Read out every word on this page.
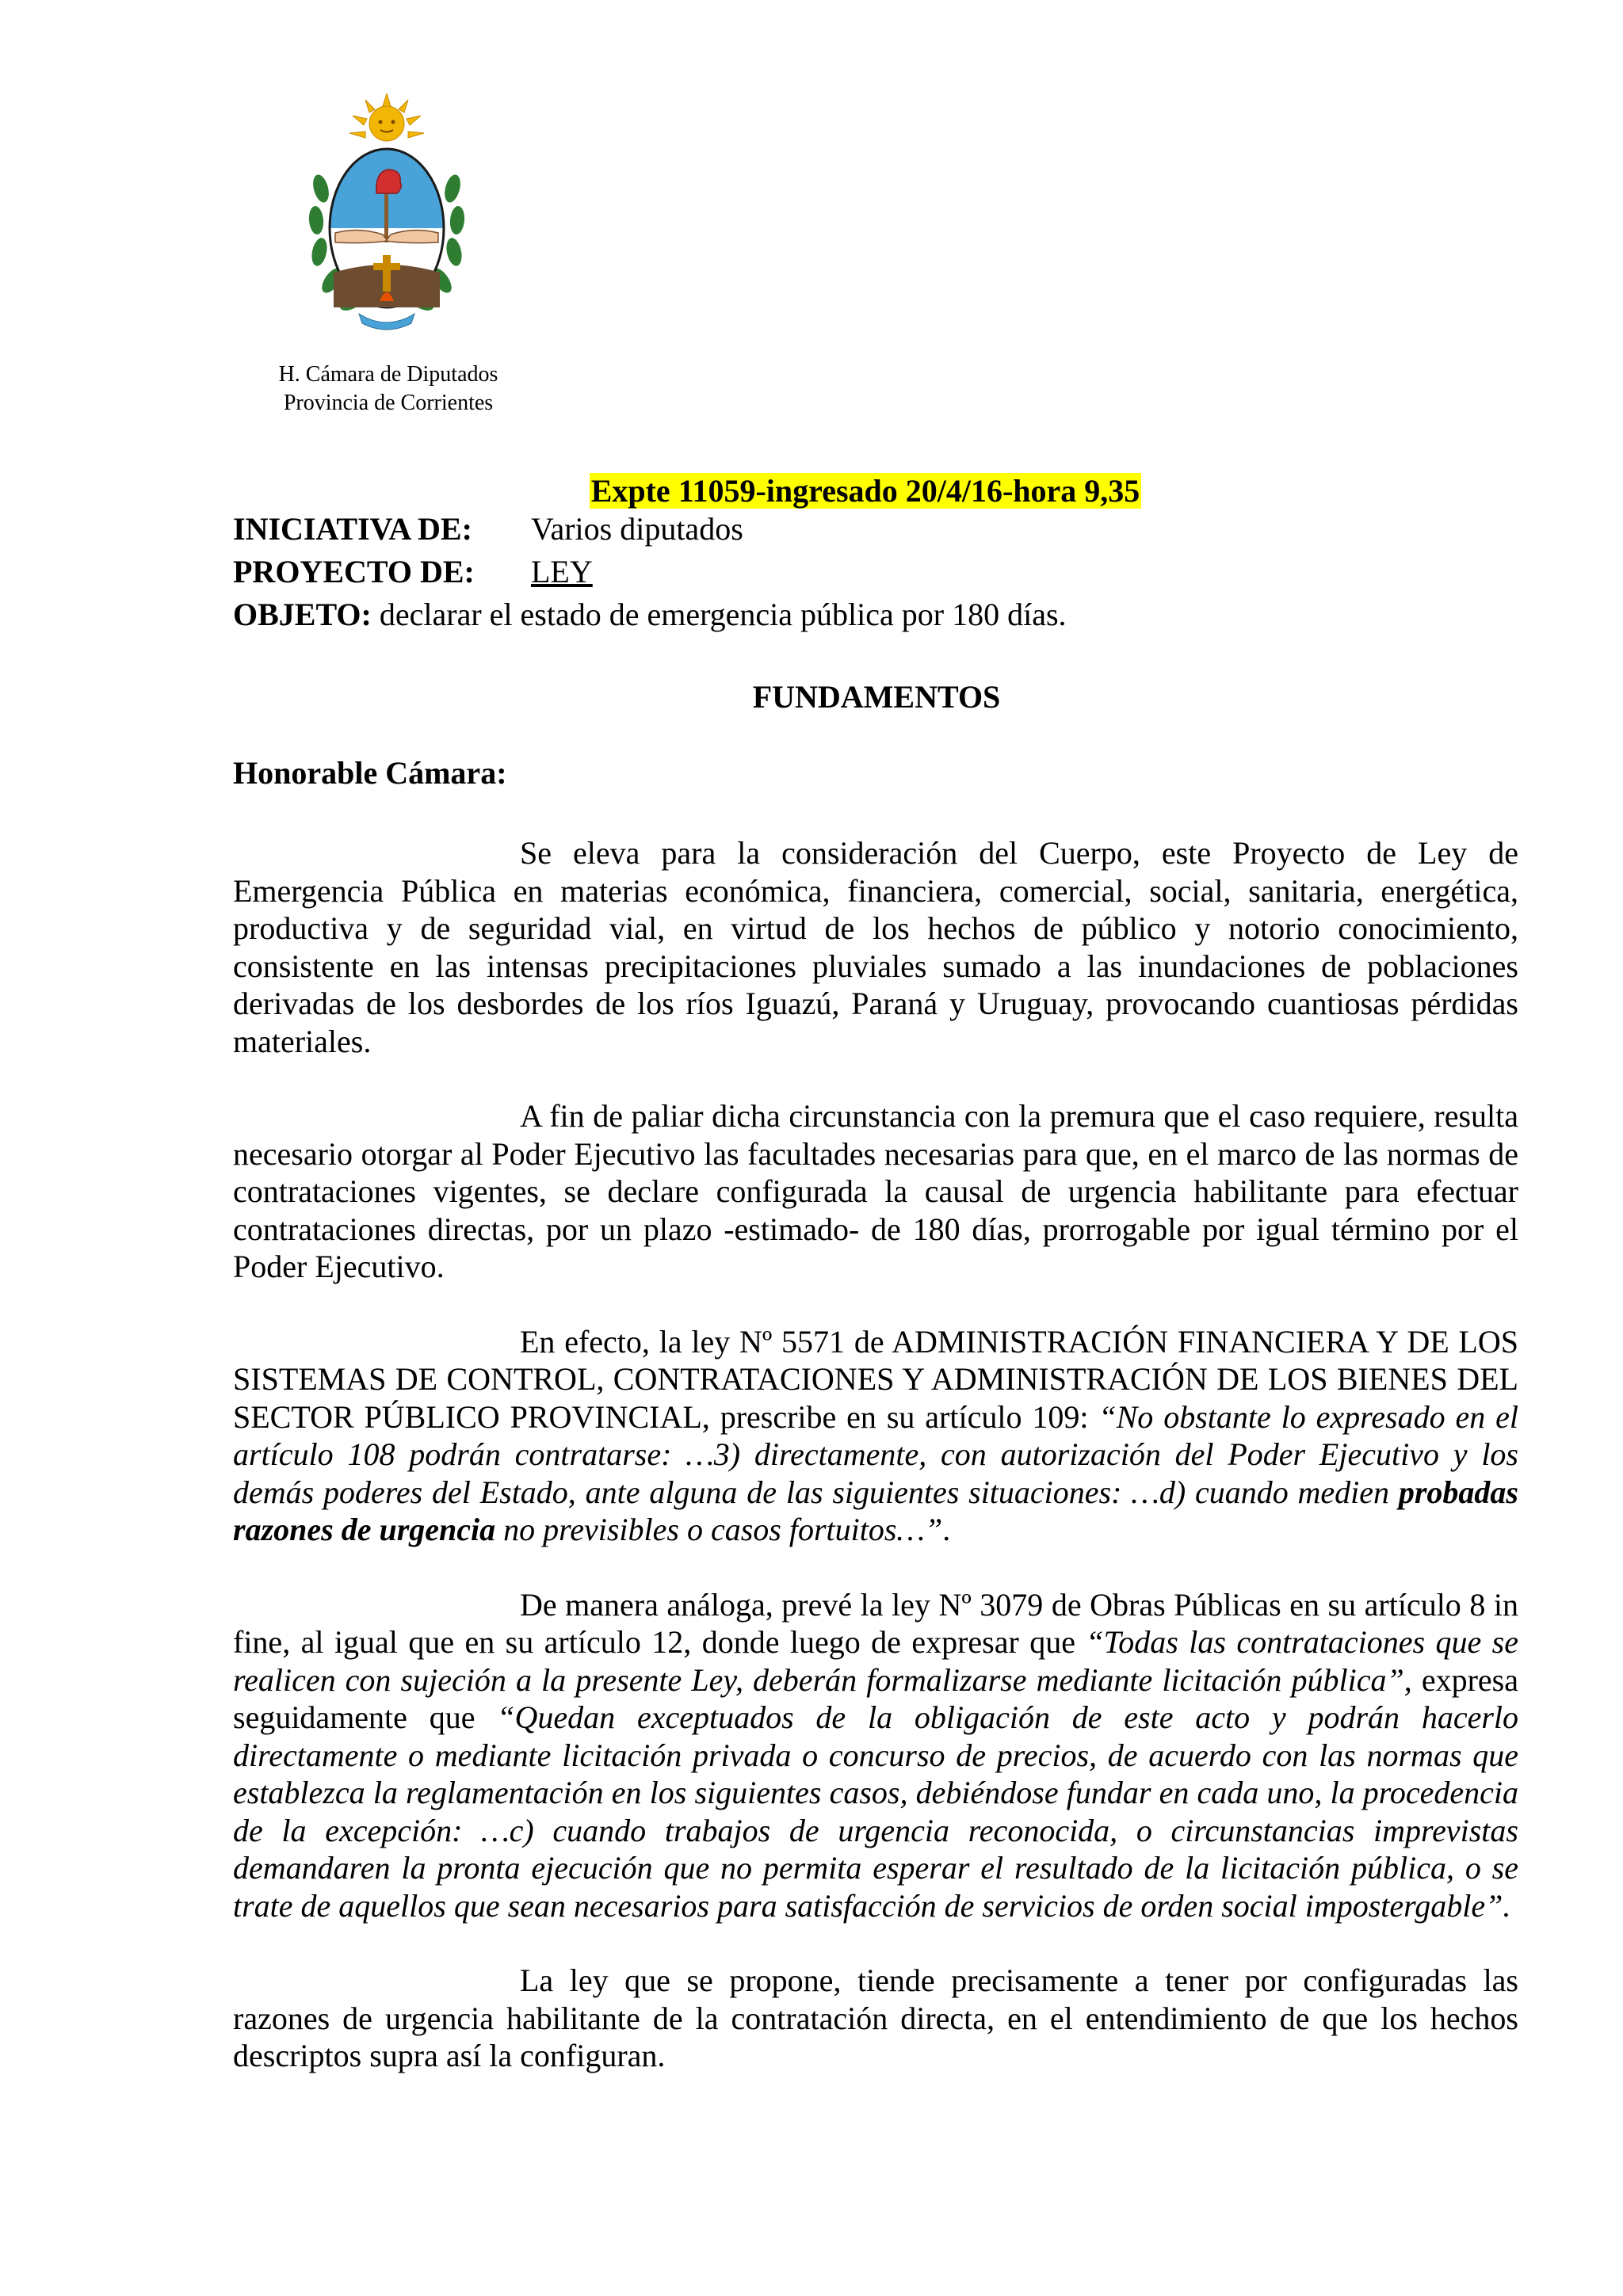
H. Cámara de Diputados
Provincia de Corrientes
Expte 11059-ingresado 20/4/16-hora 9,35
INICIATIVA DE: Varios diputados
PROYECTO DE: LEY
OBJETO: declarar el estado de emergencia pública por 180 días.
FUNDAMENTOS
Honorable Cámara:

Se eleva para la consideración del Cuerpo, este Proyecto de Ley de Emergencia Pública en materias económica, financiera, comercial, social, sanitaria, energética, productiva y de seguridad vial, en virtud de los hechos de público y notorio conocimiento, consistente en las intensas precipitaciones pluviales sumado a las inundaciones de poblaciones derivadas de los desbordes de los ríos Iguazú, Paraná y Uruguay, provocando cuantiosas pérdidas materiales.

A fin de paliar dicha circunstancia con la premura que el caso requiere, resulta necesario otorgar al Poder Ejecutivo las facultades necesarias para que, en el marco de las normas de contrataciones vigentes, se declare configurada la causal de urgencia habilitante para efectuar contrataciones directas, por un plazo -estimado- de 180 días, prorrogable por igual término por el Poder Ejecutivo.

En efecto, la ley Nº 5571 de ADMINISTRACIÓN FINANCIERA Y DE LOS SISTEMAS DE CONTROL, CONTRATACIONES Y ADMINISTRACIÓN DE LOS BIENES DEL SECTOR PÚBLICO PROVINCIAL, prescribe en su artículo 109: “No obstante lo expresado en el artículo 108 podrán contratarse: …3) directamente, con autorización del Poder Ejecutivo y los demás poderes del Estado, ante alguna de las siguientes situaciones: …d) cuando medien probadas razones de urgencia no previsibles o casos fortuitos…”.

De manera análoga, prevé la ley Nº 3079 de Obras Públicas en su artículo 8 in fine, al igual que en su artículo 12, donde luego de expresar que “Todas las contrataciones que se realicen con sujeción a la presente Ley, deberán formalizarse mediante licitación pública”, expresa seguidamente que “Quedan exceptuados de la obligación de este acto y podrán hacerlo directamente o mediante licitación privada o concurso de precios, de acuerdo con las normas que establezca la reglamentación en los siguientes casos, debiéndose fundar en cada uno, la procedencia de la excepción: …c) cuando trabajos de urgencia reconocida, o circunstancias imprevistas demandaren la pronta ejecución que no permita esperar el resultado de la licitación pública, o se trate de aquellos que sean necesarios para satisfacción de servicios de orden social impostergable”.

La ley que se propone, tiende precisamente a tener por configuradas las razones de urgencia habilitante de la contratación directa, en el entendimiento de que los hechos descriptos supra así la configuran.
